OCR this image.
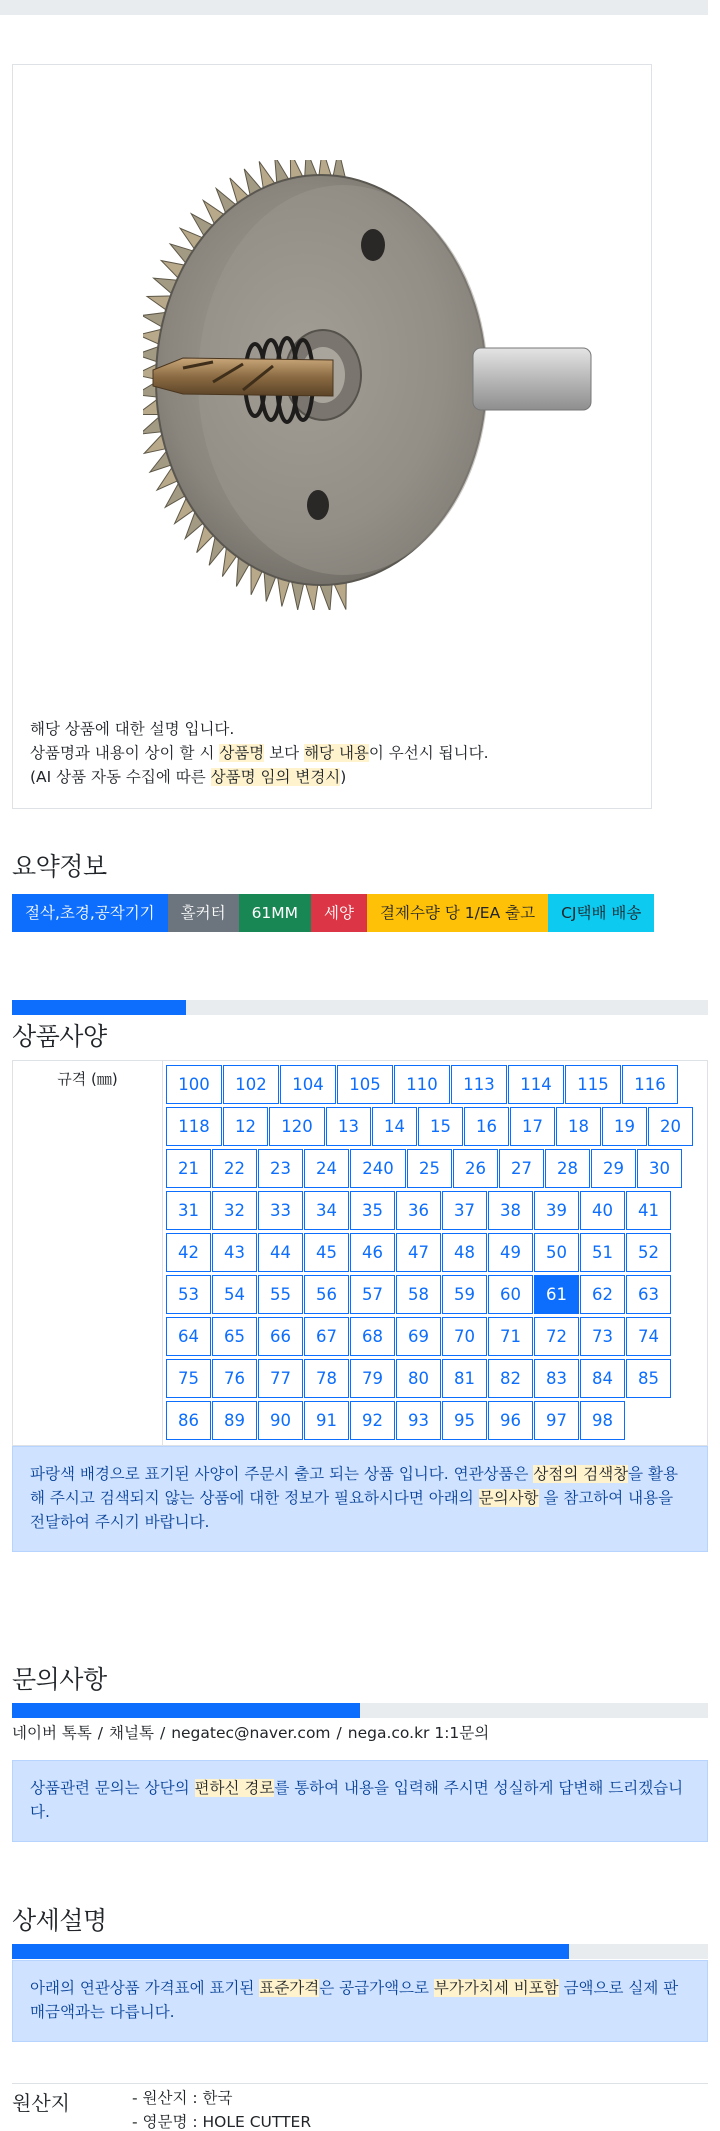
해당 상품에 대한 설명 입니다.
상품명과 내용이 상이 할 시 상품명 보다 해당 내용이 우선시 됩니다.
(AI 상품 자동 수집에 따른 상품명 임의 변경시)
요약정보
절삭,초경,공작기기	홀커터	61MM	세양	결제수량 당 1/EA 출고	CJ택배 배송
상품사양
규격 (㎜)	100	102	104	105	110	113	114	115	116
118	12	120	13	14	15	16	17	18	19	20
21	22	23	24	240	25	26	27	28	29	30
31	32	33	34	35	36	37	38	39	40	41
42	43	44	45	46	47	48	49	50	51	52
53	54	55	56	57	58	59	60	61	62	63
64	65	66	67	68	69	70	71	72	73	74
75	76	77	78	79	80	81	82	83	84	85
86	89	90	91	92	93	95	96	97	98
파랑색 배경으로 표기된 사양이 주문시 출고 되는 상품 입니다. 연관상품은 상점의 검색창을 활용해 주시고 검색되지 않는 상품에 대한 정보가 필요하시다면 아래의 문의사항 을 참고하여 내용을 전달하여 주시기 바랍니다.
문의사항
네이버 톡톡 / 채널톡 / negatec@naver.com / nega.co.kr 1:1문의
상품관련 문의는 상단의 편하신 경로를 통하여 내용을 입력해 주시면 성실하게 답변해 드리겠습니다.
상세설명
아래의 연관상품 가격표에 표기된 표준가격은 공급가액으로 부가가치세 비포함 금액으로 실제 판매금액과는 다릅니다.
원산지	- 원산지 : 한국
- 영문명 : HOLE CUTTER
